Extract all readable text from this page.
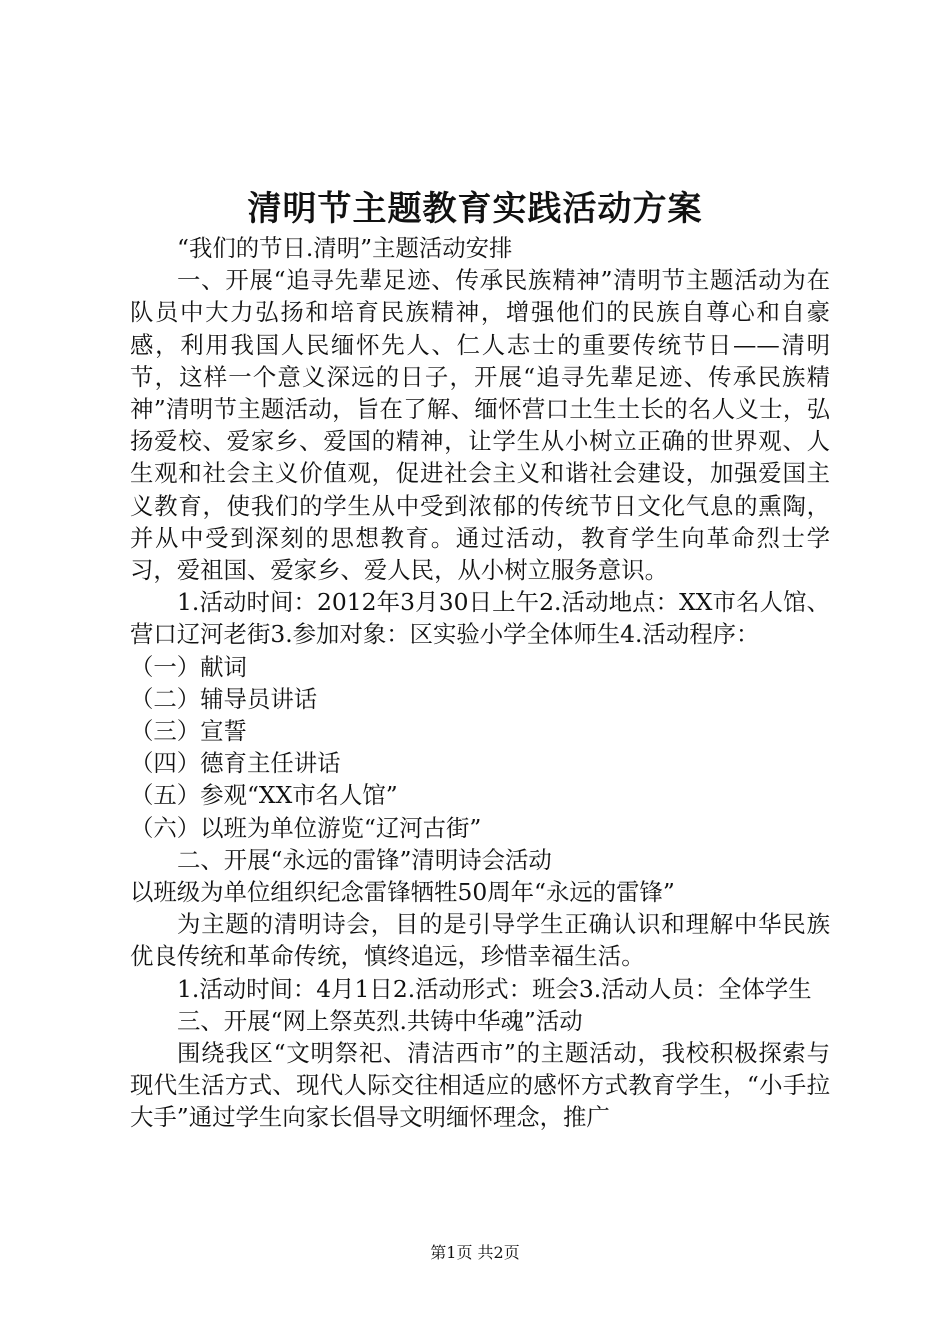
清明节主题教育实践活动方案

“我们的节日.清明”主题活动安排

一、开展“追寻先辈足迹、传承民族精神”清明节主题活动为在队员中大力弘扬和培育民族精神，增强他们的民族自尊心和自豪感，利用我国人民缅怀先人、仁人志士的重要传统节日——清明节，这样一个意义深远的日子，开展“追寻先辈足迹、传承民族精神”清明节主题活动，旨在了解、缅怀营口土生土长的名人义士，弘扬爱校、爱家乡、爱国的精神，让学生从小树立正确的世界观、人生观和社会主义价值观，促进社会主义和谐社会建设，加强爱国主义教育，使我们的学生从中受到浓郁的传统节日文化气息的熏陶，并从中受到深刻的思想教育。通过活动，教育学生向革命烈士学习，爱祖国、爱家乡、爱人民，从小树立服务意识。

1.活动时间：2012年3月30日上午2.活动地点：XX市名人馆、营口辽河老街3.参加对象：区实验小学全体师生4.活动程序：

（一）献词

（二）辅导员讲话

（三）宣誓

（四）德育主任讲话

（五）参观“XX市名人馆”

（六）以班为单位游览“辽河古街”

二、开展“永远的雷锋”清明诗会活动

以班级为单位组织纪念雷锋牺牲50周年“永远的雷锋”

为主题的清明诗会，目的是引导学生正确认识和理解中华民族优良传统和革命传统，慎终追远，珍惜幸福生活。

1.活动时间：4月1日2.活动形式：班会3.活动人员：全体学生

三、开展“网上祭英烈.共铸中华魂”活动

围绕我区“文明祭祀、清洁西市”的主题活动，我校积极探索与现代生活方式、现代人际交往相适应的感怀方式教育学生，“小手拉大手”通过学生向家长倡导文明缅怀理念，推广

第1页 共2页
